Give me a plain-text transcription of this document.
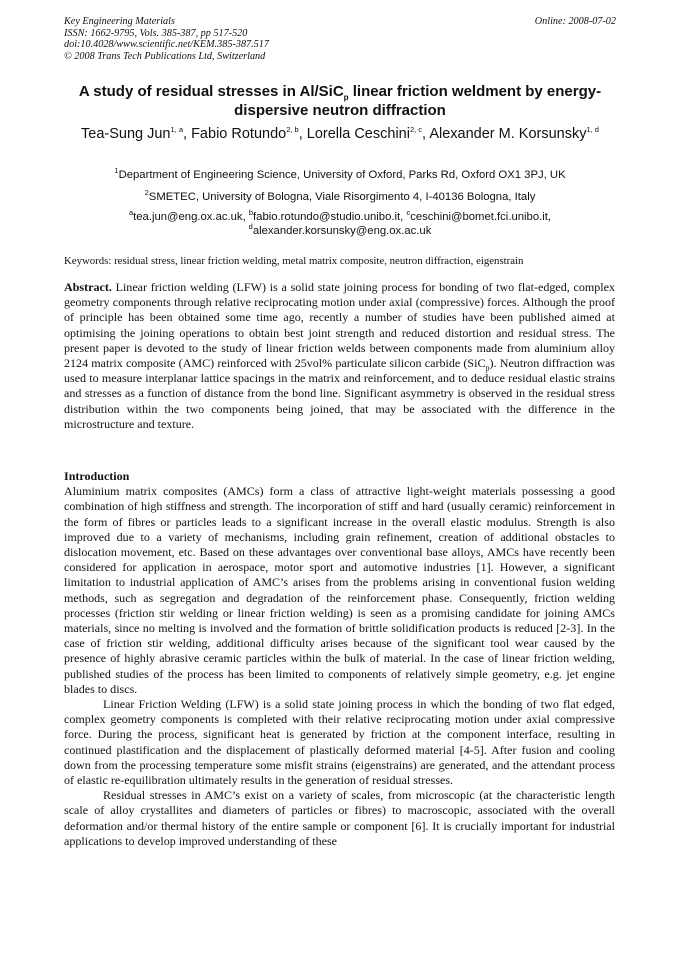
Key Engineering Materials
ISSN: 1662-9795, Vols. 385-387, pp 517-520
doi:10.4028/www.scientific.net/KEM.385-387.517
© 2008 Trans Tech Publications Ltd, Switzerland
Online: 2008-07-02
A study of residual stresses in Al/SiC$_p$ linear friction weldment by energy-dispersive neutron diffraction
Tea-Sung Jun$^{1, a}$, Fabio Rotundo$^{2, b}$, Lorella Ceschini$^{2, c}$, Alexander M. Korsunsky$^{1, d}$
$^1$Department of Engineering Science, University of Oxford, Parks Rd, Oxford OX1 3PJ, UK
$^2$SMETEC, University of Bologna, Viale Risorgimento 4, I-40136 Bologna, Italy
$^a$tea.jun@eng.ox.ac.uk, $^b$fabio.rotundo@studio.unibo.it, $^c$ceschini@bomet.fci.unibo.it,
$^d$alexander.korsunsky@eng.ox.ac.uk
Keywords: residual stress, linear friction welding, metal matrix composite, neutron diffraction, eigenstrain

Abstract. Linear friction welding (LFW) is a solid state joining process for bonding of two flat-edged, complex geometry components through relative reciprocating motion under axial (compressive) forces. Although the proof of principle has been obtained some time ago, recently a number of studies have been published aimed at optimising the joining operations to obtain best joint strength and reduced distortion and residual stress. The present paper is devoted to the study of linear friction welds between components made from aluminium alloy 2124 matrix composite (AMC) reinforced with 25vol% particulate silicon carbide (SiC$_p$). Neutron diffraction was used to measure interplanar lattice spacings in the matrix and reinforcement, and to deduce residual elastic strains and stresses as a function of distance from the bond line. Significant asymmetry is observed in the residual stress distribution within the two components being joined, that may be associated with the difference in the microstructure and texture.

Introduction

Aluminium matrix composites (AMCs) form a class of attractive light-weight materials possessing a good combination of high stiffness and strength. The incorporation of stiff and hard (usually ceramic) reinforcement in the form of fibres or particles leads to a significant increase in the overall elastic modulus. Strength is also improved due to a variety of mechanisms, including grain refinement, creation of additional obstacles to dislocation movement, etc. Based on these advantages over conventional base alloys, AMCs have recently been considered for application in aerospace, motor sport and automotive industries [1]. However, a significant limitation to industrial application of AMC’s arises from the problems arising in conventional fusion welding methods, such as segregation and degradation of the reinforcement phase. Consequently, friction welding processes (friction stir welding or linear friction welding) is seen as a promising candidate for joining AMCs materials, since no melting is involved and the formation of brittle solidification products is reduced [2-3]. In the case of friction stir welding, additional difficulty arises because of the significant tool wear caused by the presence of highly abrasive ceramic particles within the bulk of material. In the case of linear friction welding, published studies of the process has been limited to components of relatively simple geometry, e.g. jet engine blades to discs.

Linear Friction Welding (LFW) is a solid state joining process in which the bonding of two flat edged, complex geometry components is completed with their relative reciprocating motion under axial compressive force. During the process, significant heat is generated by friction at the component interface, resulting in continued plastification and the displacement of plastically deformed material [4-5]. After fusion and cooling down from the processing temperature some misfit strains (eigenstrains) are generated, and the attendant process of elastic re-equilibration ultimately results in the generation of residual stresses.

Residual stresses in AMC’s exist on a variety of scales, from microscopic (at the characteristic length scale of alloy crystallites and diameters of particles or fibres) to macroscopic, associated with the overall deformation and/or thermal history of the entire sample or component [6]. It is crucially important for industrial applications to develop improved understanding of these
